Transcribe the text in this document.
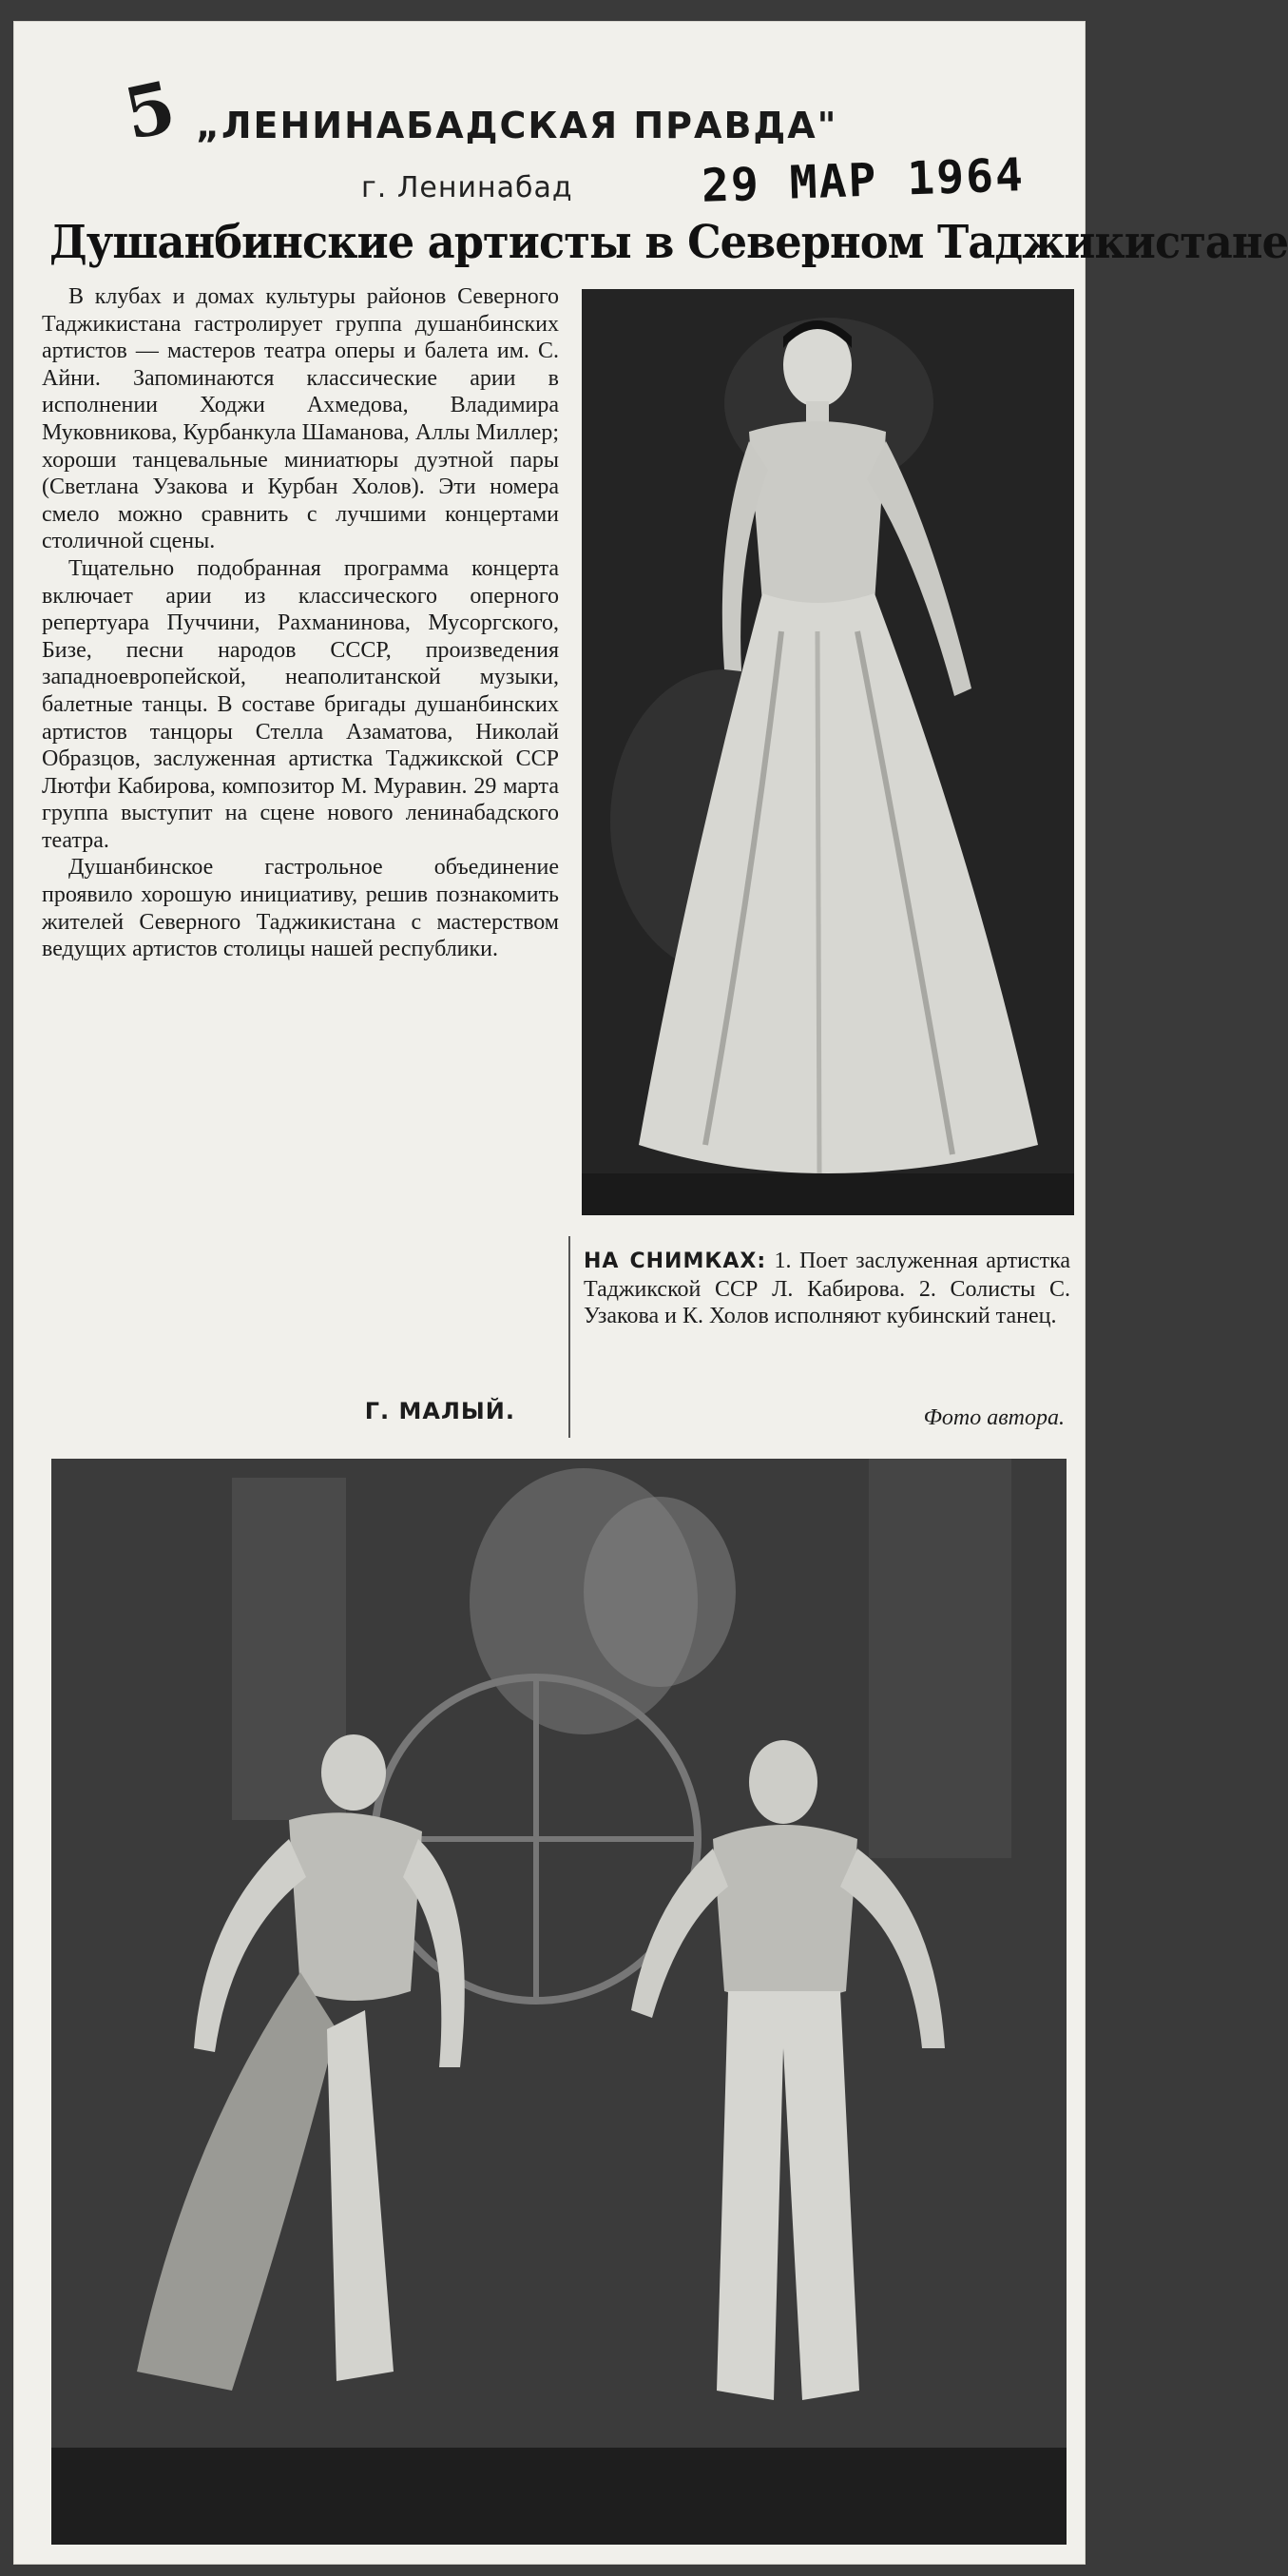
5 „ЛЕНИНАБАДСКАЯ ПРАВДА"
г. Ленинабад	29 МАР 1964
Душанбинские артисты в Северном Таджикистане

В клубах и домах культуры районов Северного Таджикистана гастролирует группа душанбинских артистов — мастеров театра оперы и балета им. С. Айни. Запоминаются классические арии в исполнении Ходжи Ахмедова, Владимира Муковникова, Курбанкула Шаманова, Аллы Миллер; хороши танцевальные миниатюры дуэтной пары (Светлана Узакова и Курбан Холов). Эти номера смело можно сравнить с лучшими концертами столичной сцены.

Тщательно подобранная программа концерта включает арии из классического оперного репертуара Пуччини, Рахманинова, Мусоргского, Бизе, песни народов СССР, произведения западноевропейской, неаполитанской музыки, балетные танцы. В составе бригады душанбинских артистов танцоры Стелла Азаматова, Николай Образцов, заслуженная артистка Таджикской ССР Лютфи Кабирова, композитор М. Муравин. 29 марта группа выступит на сцене нового ленинабадского театра.

Душанбинское гастрольное объединение проявило хорошую инициативу, решив познакомить жителей Северного Таджикистана с мастерством ведущих артистов столицы нашей республики.

Г. МАЛЫЙ.

НА СНИМКАХ: 1. Поет заслуженная артистка Таджикской ССР Л. Кабирова. 2. Солисты С. Узакова и К. Холов исполняют кубинский танец.

Фото автора.
